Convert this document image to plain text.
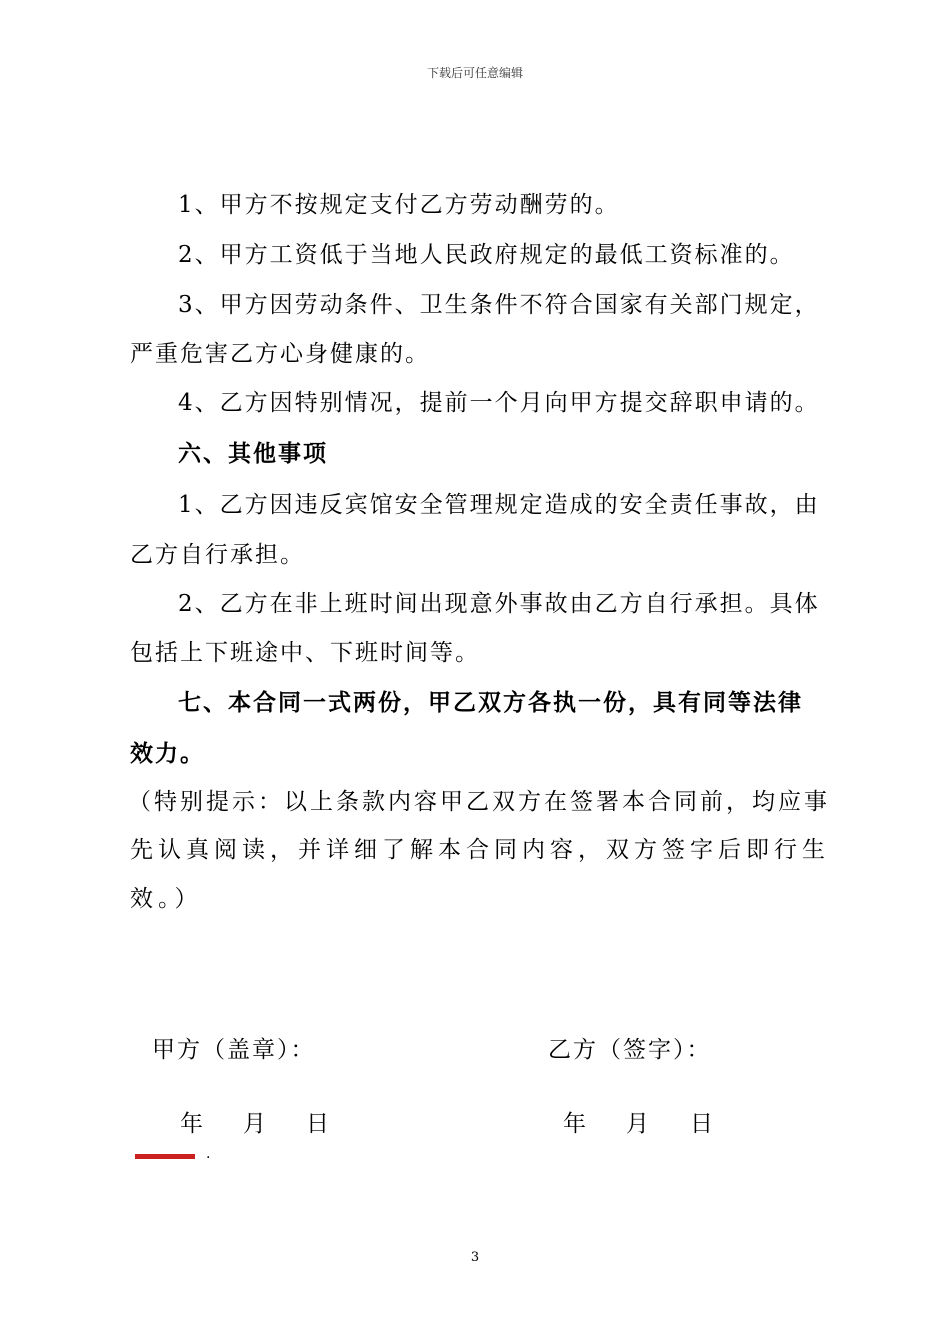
下载后可任意编辑
1、甲方不按规定支付乙方劳动酬劳的。
2、甲方工资低于当地人民政府规定的最低工资标准的。
3、甲方因劳动条件、卫生条件不符合国家有关部门规定，
严重危害乙方心身健康的。
4、乙方因特别情况，提前一个月向甲方提交辞职申请的。
六、其他事项
1、乙方因违反宾馆安全管理规定造成的安全责任事故，由
乙方自行承担。
2、乙方在非上班时间出现意外事故由乙方自行承担。具体
包括上下班途中、下班时间等。
七、本合同一式两份，甲乙双方各执一份，具有同等法律
效力。
（特别提示：以上条款内容甲乙双方在签署本合同前，均应事
先认真阅读，并详细了解本合同内容，双方签字后即行生
效。）
甲方（盖章）：	乙方（签字）：
年 月 日	年 月 日
.
3
